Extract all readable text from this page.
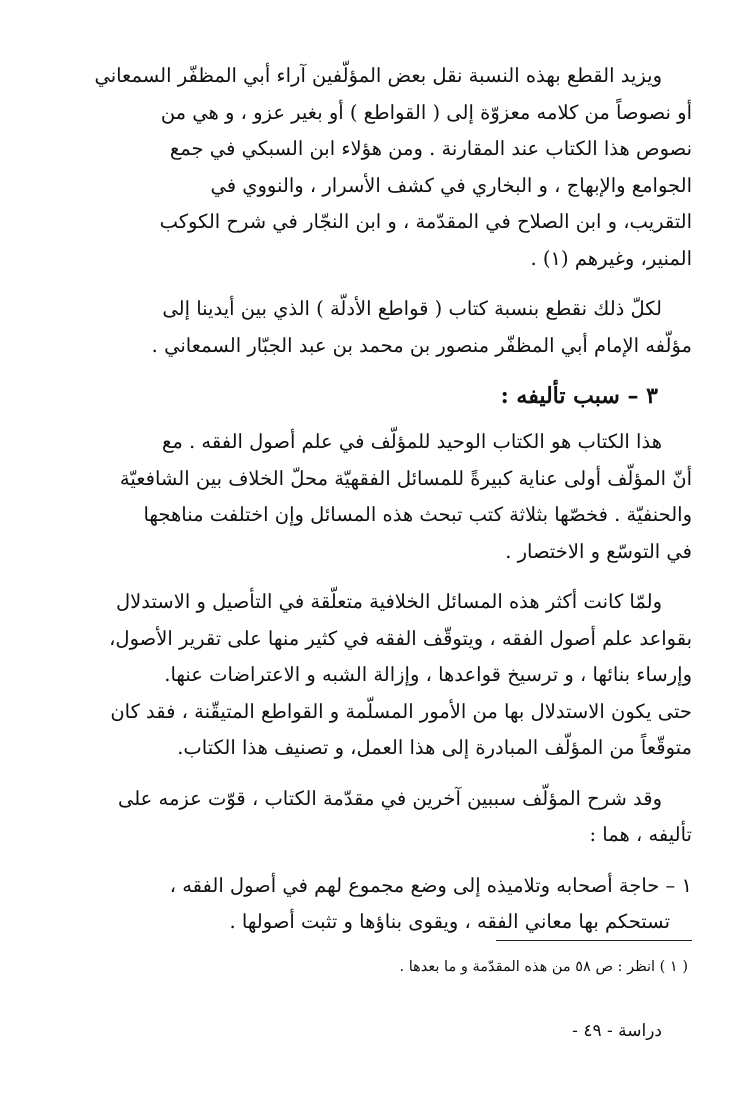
ويزيد القطع بهذه النسبة نقل بعض المؤلّفين آراء أبي المظفّر السمعاني
أو نصوصاً من كلامه معزوّة إلى ( القواطع ) أو بغير عزو ، و هي من
نصوص هذا الكتاب عند المقارنة . ومن هؤلاء ابن السبكي في جمع
الجوامع والإبهاج ، و البخاري في كشف الأسرار ، والنووي في
التقريب، و ابن الصلاح في المقدّمة ، و ابن النجّار في شرح الكوكب
المنير، وغيرهم (١) .
لكلّ ذلك نقطع بنسبة كتاب ( قواطع الأدلّة ) الذي بين أيدينا إلى
مؤلّفه الإمام أبي المظفّر منصور بن محمد بن عبد الجبّار السمعاني .
٣ – سبب تأليفه :
هذا الكتاب هو الكتاب الوحيد للمؤلّف في علم أصول الفقه . مع
أنّ المؤلّف أولى عناية كبيرةً للمسائل الفقهيّة محلّ الخلاف بين الشافعيّة
والحنفيّة . فخصّها بثلاثة كتب تبحث هذه المسائل وإن اختلفت مناهجها
في التوسّع و الاختصار .
ولمّا كانت أكثر هذه المسائل الخلافية متعلّقة في التأصيل و الاستدلال
بقواعد علم أصول الفقه ، ويتوقّف الفقه في كثير منها على تقرير الأصول،
وإرساء بنائها ، و ترسيخ قواعدها ، وإزالة الشبه و الاعتراضات عنها.
حتى يكون الاستدلال بها من الأمور المسلّمة و القواطع المتيقّنة ، فقد كان
متوقّعاً من المؤلّف المبادرة إلى هذا العمل، و تصنيف هذا الكتاب.
وقد شرح المؤلّف سببين آخرين في مقدّمة الكتاب ، قوّت عزمه على
تأليفه ، هما :
١ – حاجة أصحابه وتلاميذه إلى وضع مجموع لهم في أصول الفقه ،
تستحكم بها معاني الفقه ، ويقوى بناؤها و تثبت أصولها .
( ١ ) انظر : ص ٥٨ من هذه المقدّمة و ما بعدها .
دراسة - ٤٩ -
